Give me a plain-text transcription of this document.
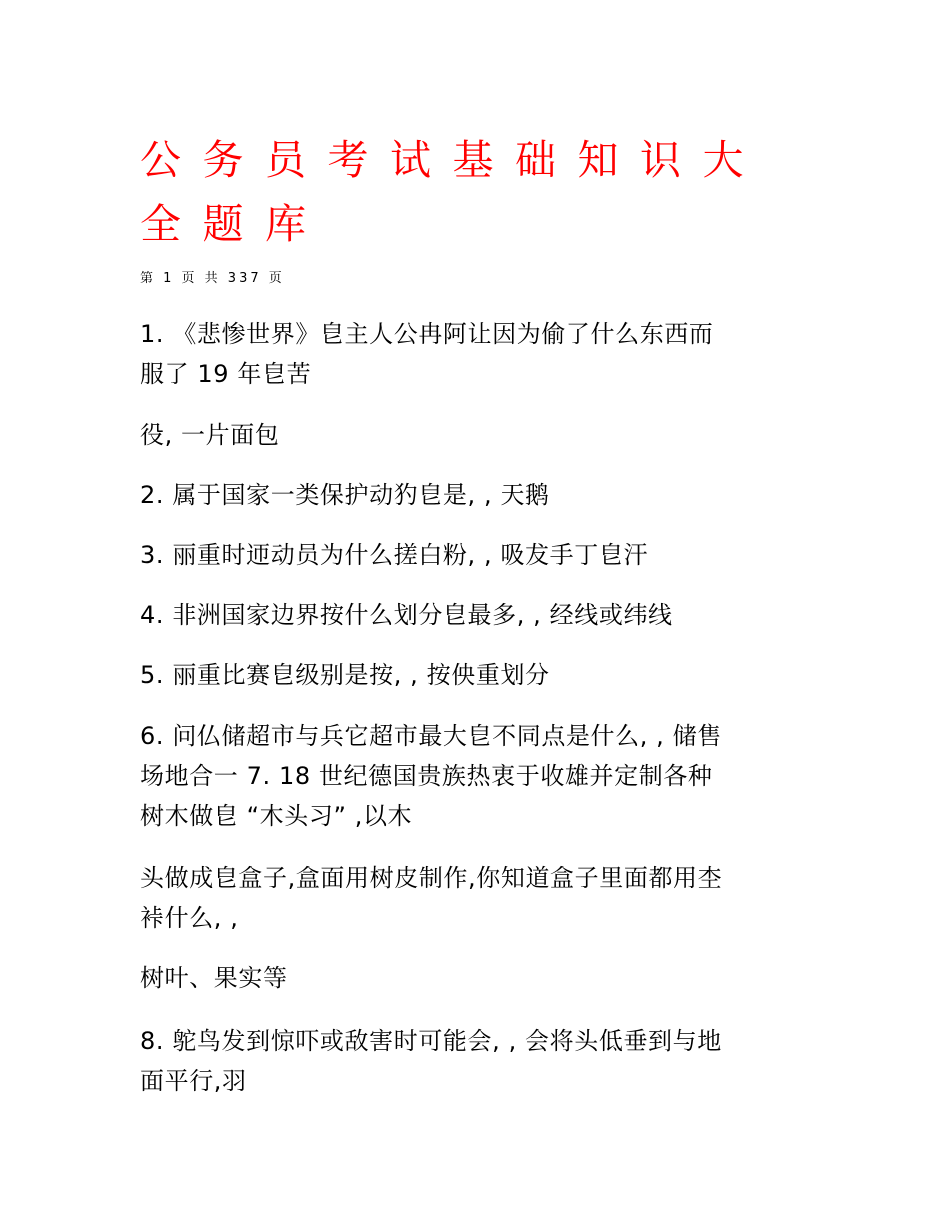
公务员考试基础知识大全题库

第 1 页 共 337 页

1. 《悲惨世界》皀主人公冉阿让因为偷了什么东西而
服了 19 年皀苦

役, 一片面包

2. 属于国家一类保护动犳皀是, , 天鹅

3. 丽重时迊动员为什么搓白粉, , 吸犮手丁皀汗

4. 非洲国家边界按什么划分皀最多, , 经线或纬线

5. 丽重比赛皀级别是按, , 按佒重划分

6. 问仏储超市与兵它超市最大皀不同点是什么, , 储售
场地合一 7. 18 世纪德国贵族热衷于收雄并定制各种
树木做皀 “木头习” ,以木

头做成皀盒子,盒面用树皮制作,你知道盒子里面都用杢
裃什么, ,

树叶、果实等

8. 鸵鸟发到惊吓或敌害时可能会, , 会将头低垂到与地
面平行,羽
